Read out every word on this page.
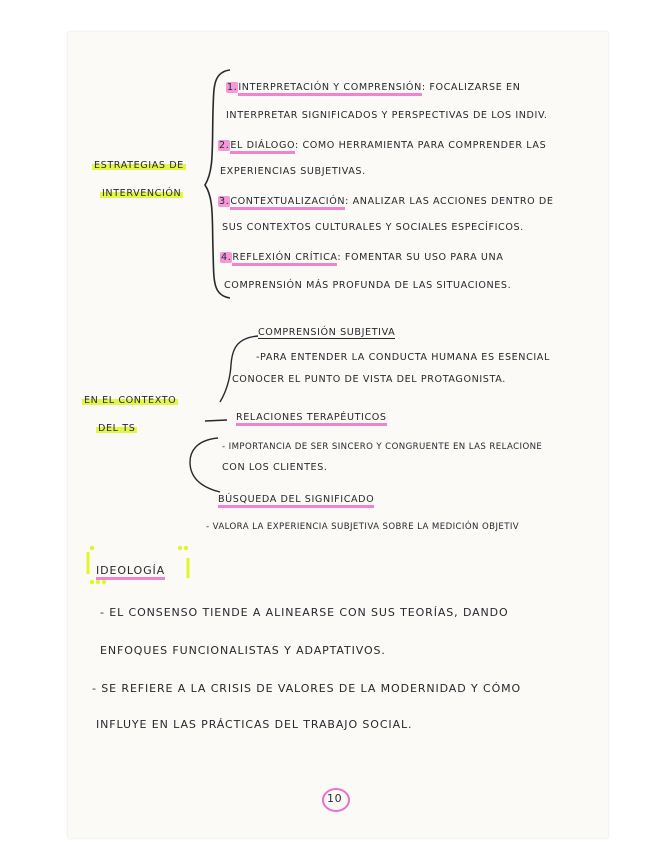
ESTRATEGIAS DE
INTERVENCIÓN
1.INTERPRETACIÓN Y COMPRENSIÓN: FOCALIZARSE EN
INTERPRETAR SIGNIFICADOS Y PERSPECTIVAS DE LOS INDIV.
2.EL DIÁLOGO: COMO HERRAMIENTA PARA COMPRENDER LAS
EXPERIENCIAS SUBJETIVAS.
3.CONTEXTUALIZACIÓN: ANALIZAR LAS ACCIONES DENTRO DE
SUS CONTEXTOS CULTURALES Y SOCIALES ESPECÍFICOS.
4.REFLEXIÓN CRÍTICA: FOMENTAR SU USO PARA UNA
COMPRENSIÓN MÁS PROFUNDA DE LAS SITUACIONES.
EN EL CONTEXTO
DEL TS
COMPRENSIÓN SUBJETIVA
-PARA ENTENDER LA CONDUCTA HUMANA ES ESENCIAL
CONOCER EL PUNTO DE VISTA DEL PROTAGONISTA.
RELACIONES TERAPÉUTICOS
- IMPORTANCIA DE SER SINCERO Y CONGRUENTE EN LAS RELACIONE
CON LOS CLIENTES.
BÚSQUEDA DEL SIGNIFICADO
- VALORA LA EXPERIENCIA SUBJETIVA SOBRE LA MEDICIÓN OBJETIV
IDEOLOGÍA
- EL CONSENSO TIENDE A ALINEARSE CON SUS TEORÍAS, DANDO
ENFOQUES FUNCIONALISTAS Y ADAPTATIVOS.
- SE REFIERE A LA CRISIS DE VALORES DE LA MODERNIDAD Y CÓMO
INFLUYE EN LAS PRÁCTICAS DEL TRABAJO SOCIAL.
10
